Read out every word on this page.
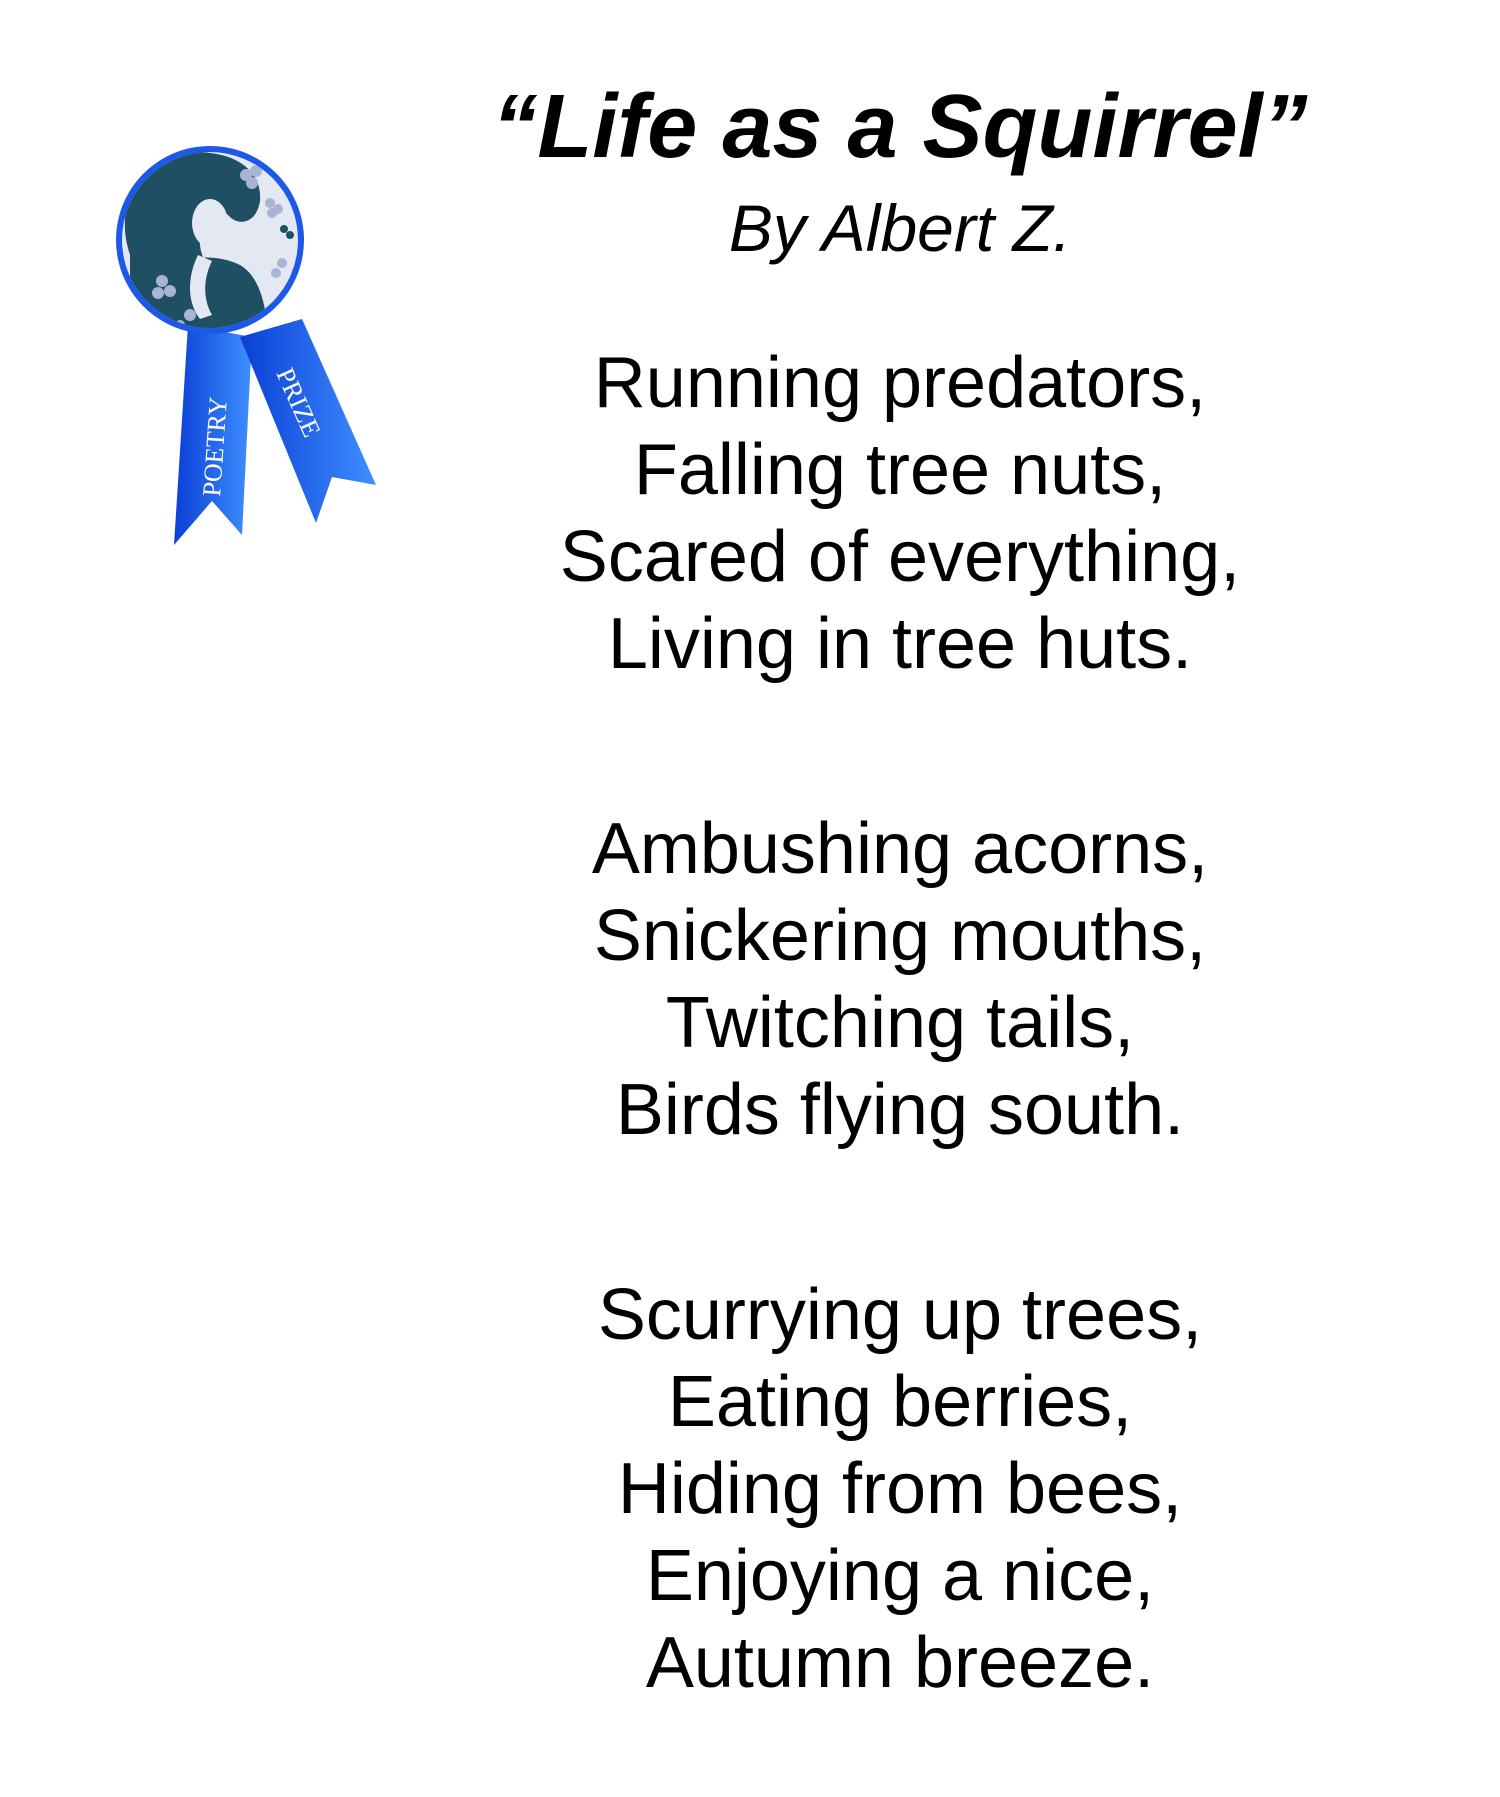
POETRY PRIZE
“Life as a Squirrel”

By Albert Z.

Running predators,
Falling tree nuts,
Scared of everything,
Living in tree huts.
Ambushing acorns,
Snickering mouths,
Twitching tails,
Birds flying south.
Scurrying up trees,
Eating berries,
Hiding from bees,
Enjoying a nice,
Autumn breeze.
